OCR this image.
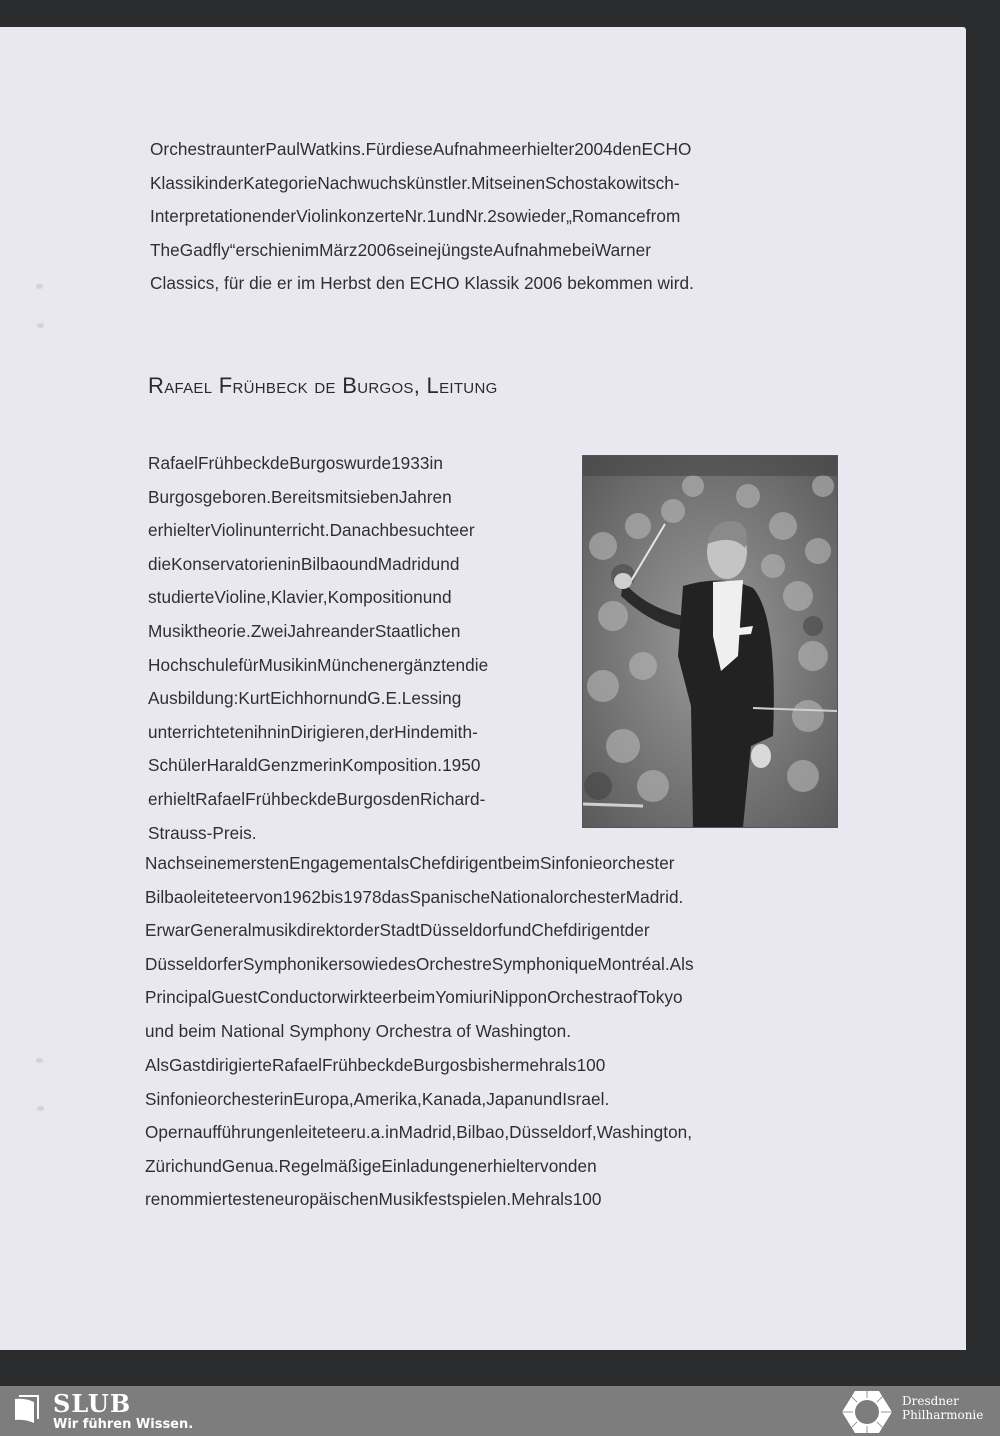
OrchestraunterPaulWatkins.FürdieseAufnahmeerhielter2004denECHO
KlassikinderKategorieNachwuchskünstler.MitseinenSchostakowitsch-
InterpretationenderViolinkonzerteNr.1undNr.2sowieder„Romancefrom
TheGadfly“erschienimMärz2006seinejüngsteAufnahmebeiWarner
Classics, für die er im Herbst den ECHO Klassik 2006 bekommen wird.
Rafael Frühbeck de Burgos, Leitung
RafaelFrühbeckdeBurgoswurde1933in
Burgosgeboren.BereitsmitsiebenJahren
erhielterViolinunterricht.Danachbesuchteer
dieKonservatorieninBilbaoundMadridund
studierteVioline,Klavier,Kompositionund
Musiktheorie.ZweiJahreanderStaatlichen
HochschulefürMusikinMünchenergänztendie
Ausbildung:KurtEichhornundG.E.Lessing
unterrichtetenihninDirigieren,derHindemith-
SchülerHaraldGenzmerinKomposition.1950
erhieltRafaelFrühbeckdeBurgosdenRichard-
Strauss-Preis.
NachseinemerstenEngagementalsChefdirigentbeimSinfonieorchester
Bilbaoleiteteervon1962bis1978dasSpanischeNationalorchesterMadrid.
ErwarGeneralmusikdirektorderStadtDüsseldorfundChefdirigentder
DüsseldorferSymphonikersowiedesOrchestreSymphoniqueMontréal.Als
PrincipalGuestConductorwirkteerbeimYomiuriNipponOrchestraofTokyo
und beim National Symphony Orchestra of Washington.
AlsGastdirigierteRafaelFrühbeckdeBurgosbishermehrals100
SinfonieorchesterinEuropa,Amerika,Kanada,JapanundIsrael.
Opernaufführungenleiteteeru.a.inMadrid,Bilbao,Düsseldorf,Washington,
ZürichundGenua.RegelmäßigeEinladungenerhieltervonden
renommiertesteneuropäischenMusikfestspielen.Mehrals100
SLUB
Wir führen Wissen.
Dresdner
Philharmonie
